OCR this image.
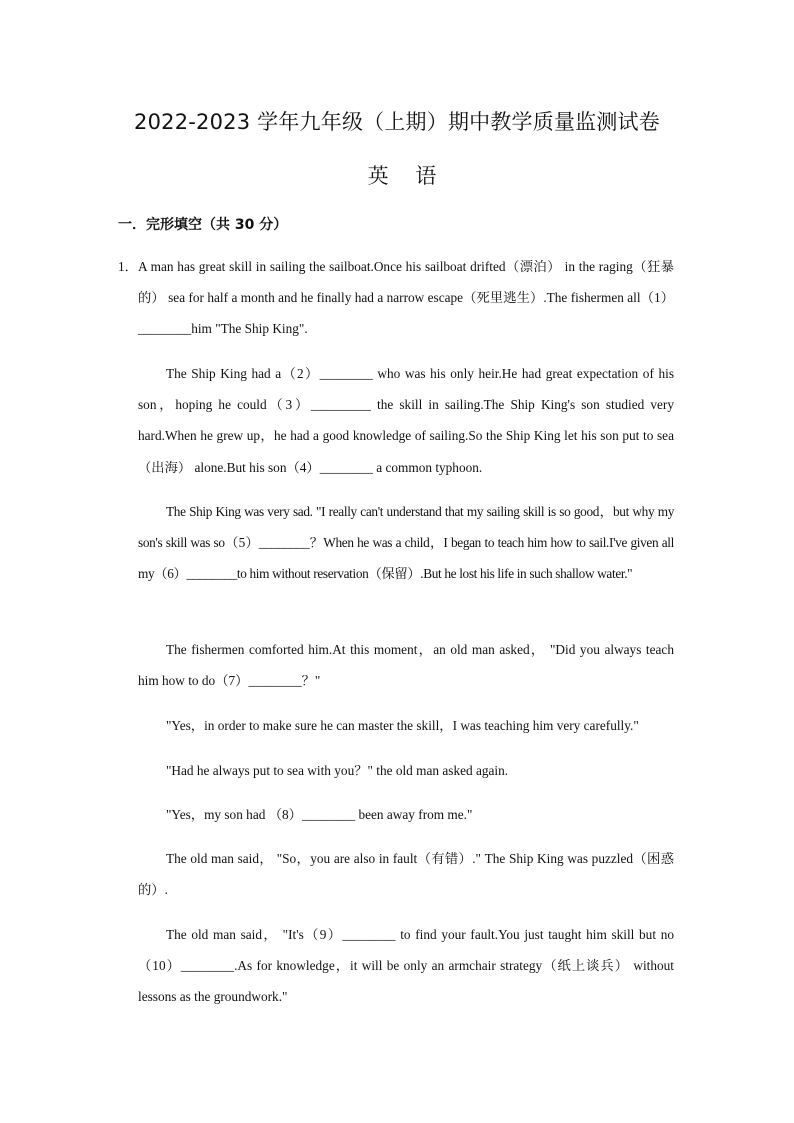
2022-2023 学年九年级（上期）期中教学质量监测试卷
英 语
一．完形填空（共 30 分）
1． A man has great skill in sailing the sailboat.Once his sailboat drifted（漂泊） in the raging（狂暴的） sea for half a month and he finally had a narrow escape（死里逃生）.The fishermen all（1）________him "The Ship King".

The Ship King had a（2）________ who was his only heir.He had great expectation of his son，hoping he could（3）_________ the skill in sailing.The Ship King's son studied very hard.When he grew up，he had a good knowledge of sailing.So the Ship King let his son put to sea（出海） alone.But his son（4）________ a common typhoon.

The Ship King was very sad. "I really can't understand that my sailing skill is so good，but why my son's skill was so（5）________？When he was a child，I began to teach him how to sail.I've given all my（6）________to him without reservation（保留）.But he lost his life in such shallow water."

The fishermen comforted him.At this moment，an old man asked， "Did you always teach him how to do（7）________？"

"Yes，in order to make sure he can master the skill，I was teaching him very carefully."

"Had he always put to sea with you？" the old man asked again.

"Yes，my son had （8）________ been away from me."

The old man said， "So，you are also in fault（有错）." The Ship King was puzzled（困惑的）.

The old man said， "It's（9）________ to find your fault.You just taught him skill but no（10）________.As for knowledge，it will be only an armchair strategy（纸上谈兵） without lessons as the groundwork."
